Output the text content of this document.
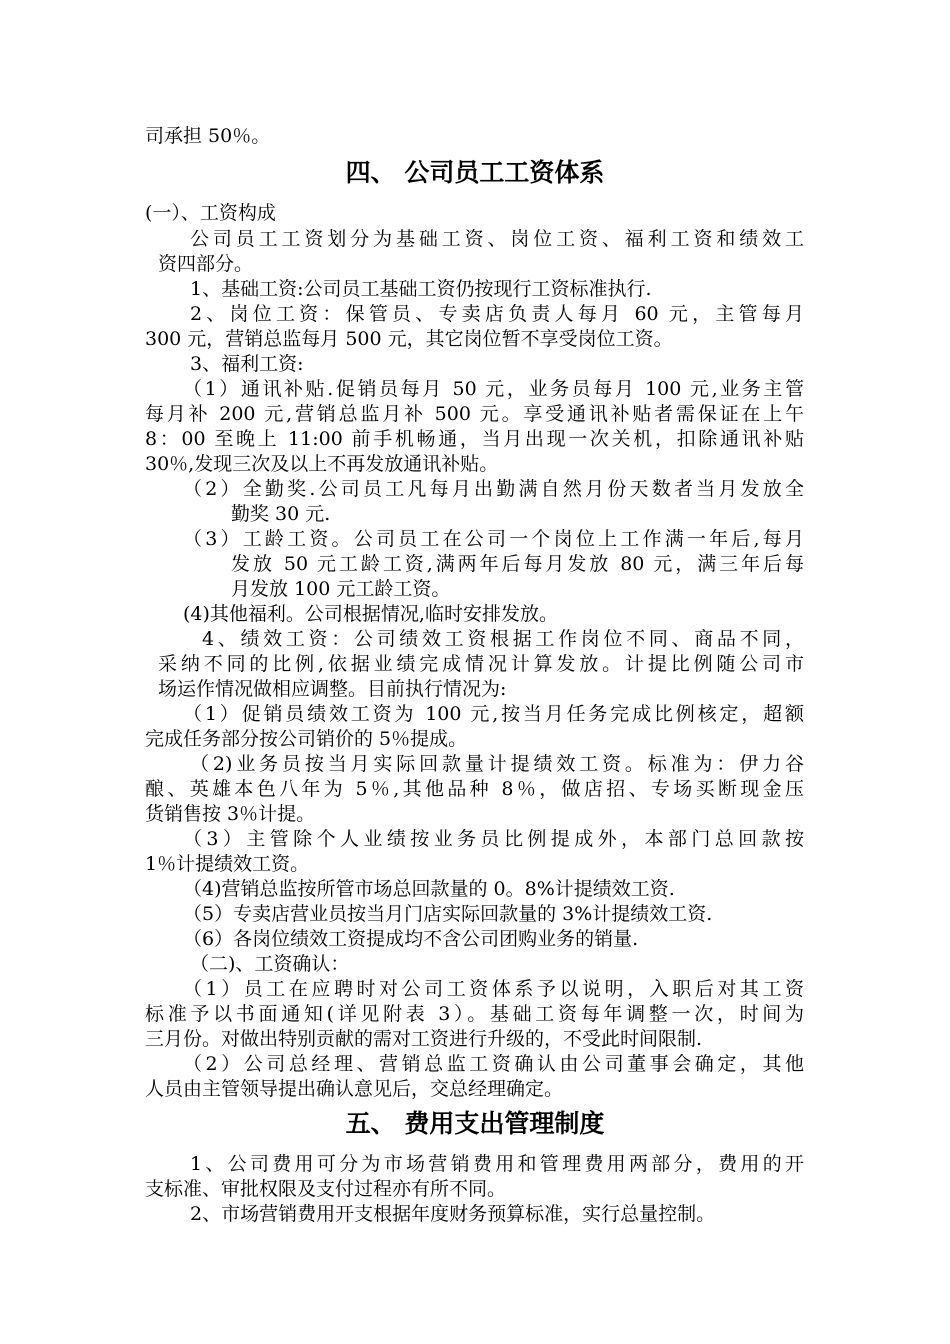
司承担 50％。
四、 公司员工工资体系
(一）、工资构成
公司员工工资划分为基础工资、岗位工资、福利工资和绩效工
资四部分。
1、基础工资:公司员工基础工资仍按现行工资标准执行.
2、岗位工资：保管员、专卖店负责人每月 60 元，主管每月
300 元，营销总监每月 500 元，其它岗位暂不享受岗位工资。
3、福利工资:
（1）通讯补贴.促销员每月 50 元，业务员每月 100 元,业务主管
每月补 200 元,营销总监月补 500 元。享受通讯补贴者需保证在上午
8：00 至晚上 11:00 前手机畅通，当月出现一次关机，扣除通讯补贴
30％,发现三次及以上不再发放通讯补贴。
（2）全勤奖.公司员工凡每月出勤满自然月份天数者当月发放全
勤奖 30 元.
（3）工龄工资。公司员工在公司一个岗位上工作满一年后,每月
发放 50 元工龄工资,满两年后每月发放 80 元，满三年后每
月发放 100 元工龄工资。
(4)其他福利。公司根据情况,临时安排发放。
4、绩效工资：公司绩效工资根据工作岗位不同、商品不同，
采纳不同的比例,依据业绩完成情况计算发放。计提比例随公司市
场运作情况做相应调整。目前执行情况为:
（1）促销员绩效工资为 100 元,按当月任务完成比例核定，超额
完成任务部分按公司销价的 5％提成。
（2)业务员按当月实际回款量计提绩效工资。标准为：伊力谷
酿、英雄本色八年为 5％,其他品种 8％，做店招、专场买断现金压
货销售按 3％计提。
（3）主管除个人业绩按业务员比例提成外，本部门总回款按
1％计提绩效工资。
（4)营销总监按所管市场总回款量的 0。8%计提绩效工资.
（5）专卖店营业员按当月门店实际回款量的 3%计提绩效工资.
（6）各岗位绩效工资提成均不含公司团购业务的销量.
（二)、工资确认：
（1）员工在应聘时对公司工资体系予以说明，入职后对其工资
标准予以书面通知(详见附表 3）。基础工资每年调整一次，时间为
三月份。对做出特别贡献的需对工资进行升级的，不受此时间限制.
（2）公司总经理、营销总监工资确认由公司董事会确定，其他
人员由主管领导提出确认意见后，交总经理确定。
五、 费用支出管理制度
1、公司费用可分为市场营销费用和管理费用两部分，费用的开
支标准、审批权限及支付过程亦有所不同。
2、市场营销费用开支根据年度财务预算标准，实行总量控制。
